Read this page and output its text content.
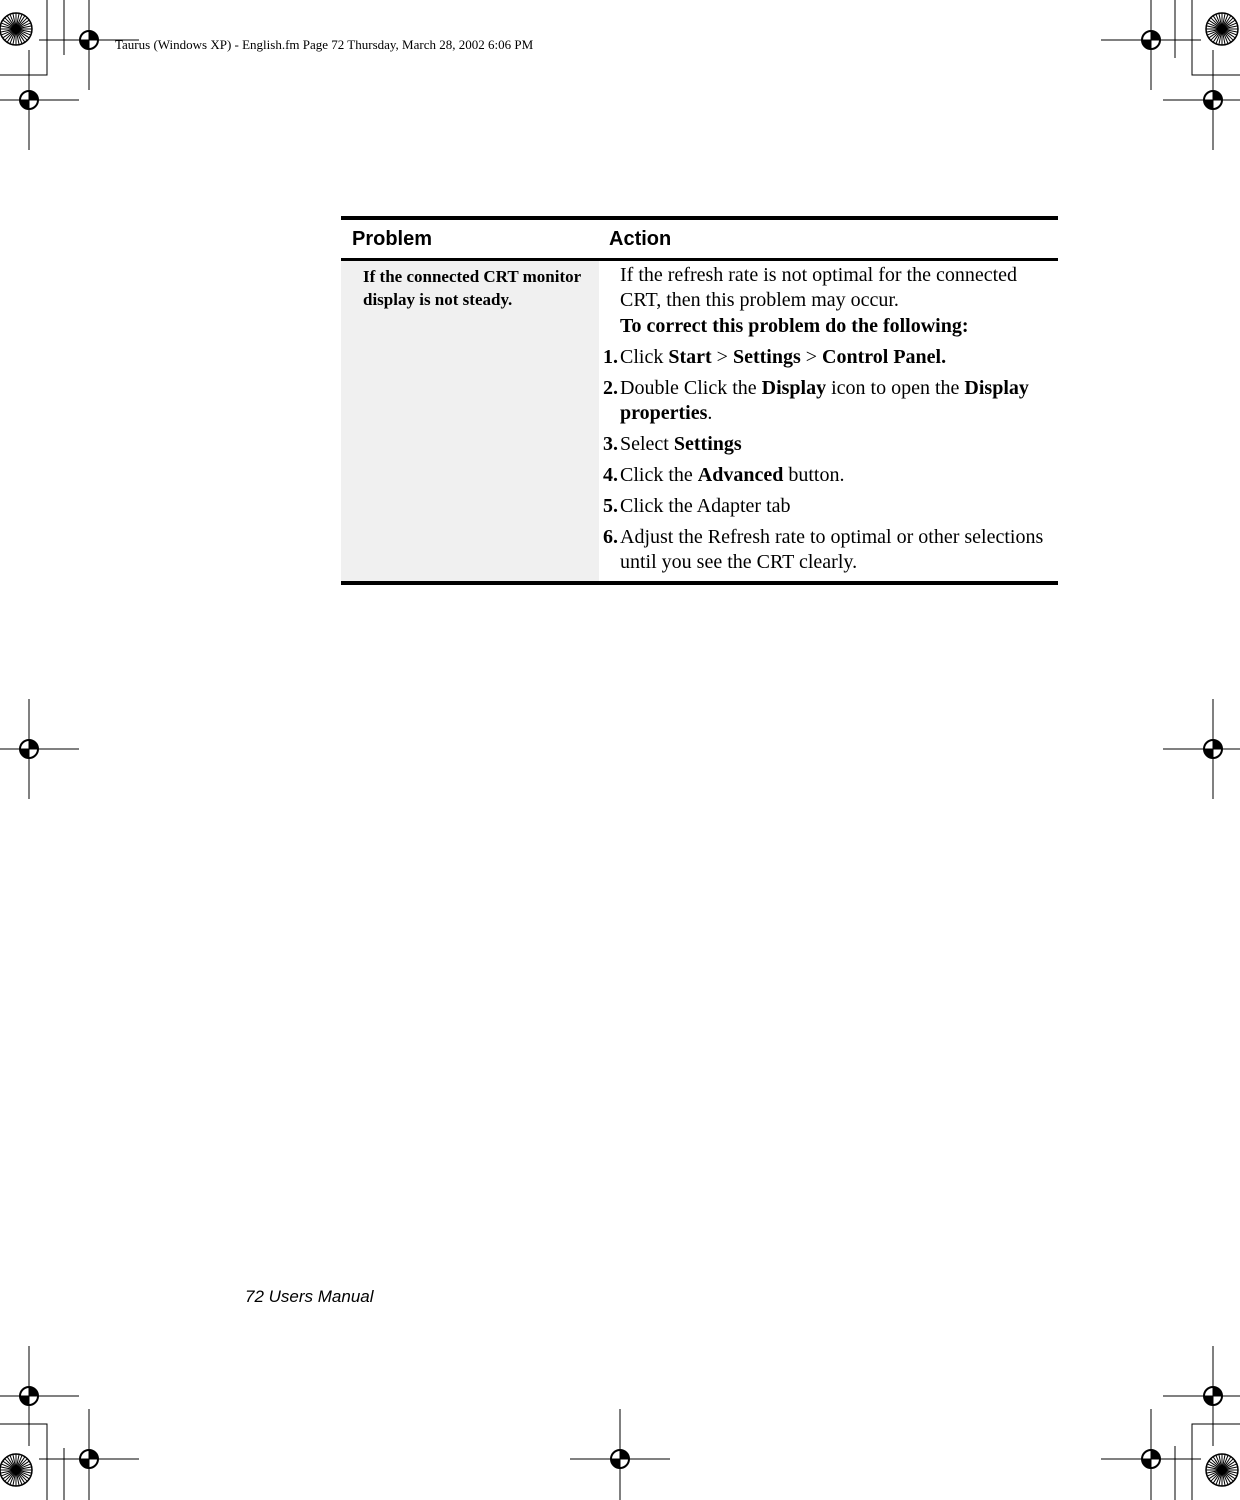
Taurus (Windows XP) - English.fm Page 72 Thursday, March 28, 2002 6:06 PM
Problem	Action
If the connected CRT monitor display is not steady.
If the refresh rate is not optimal for the connected CRT, then this problem may occur.
To correct this problem do the following:
1. Click Start > Settings > Control Panel.
2. Double Click the Display icon to open the Display properties.
3. Select Settings
4. Click the Advanced button.
5. Click the Adapter tab
6. Adjust the Refresh rate to optimal or other selections until you see the CRT clearly.
72 Users Manual
